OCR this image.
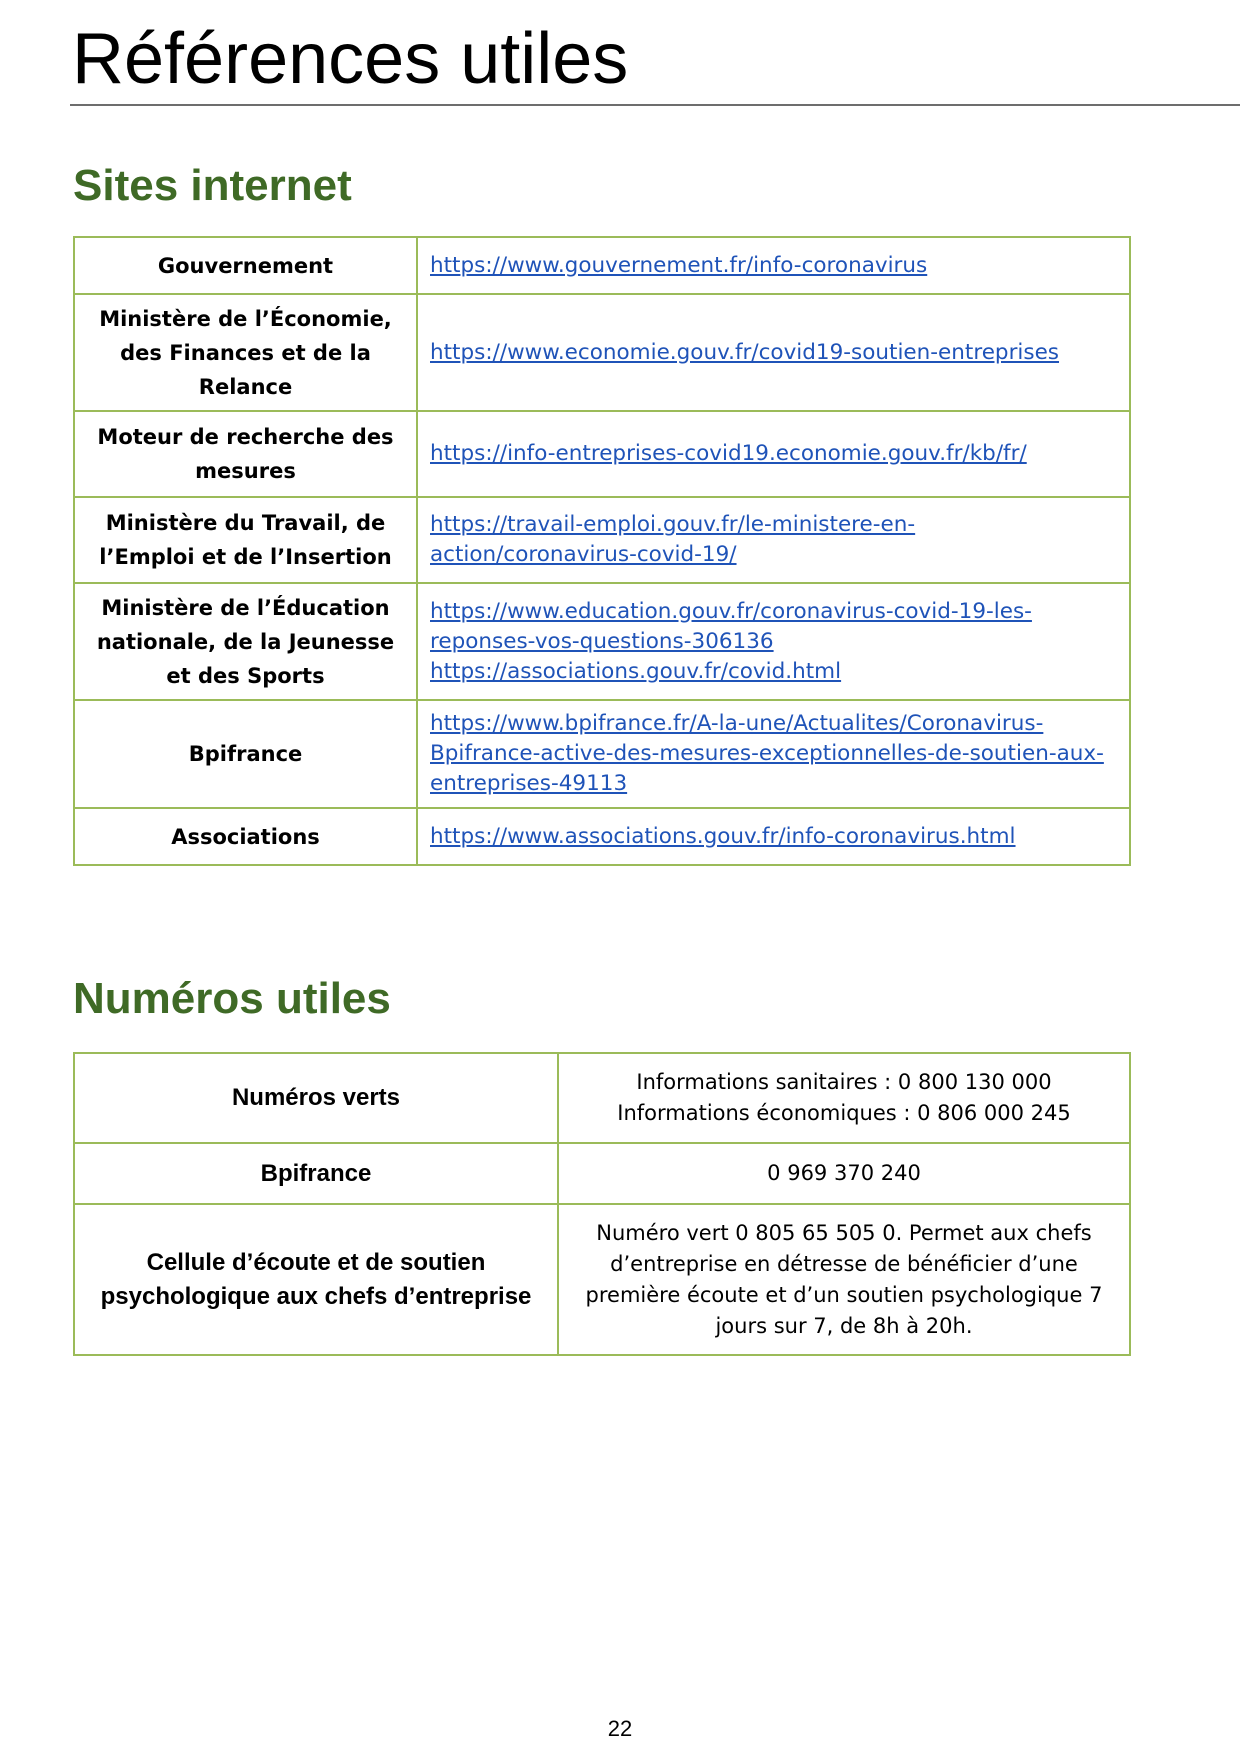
Références utiles
Sites internet
Gouvernement	https://www.gouvernement.fr/info-coronavirus

Ministère de l’Économie, des Finances et de la Relance	https://www.economie.gouv.fr/covid19-soutien-entreprises

Moteur de recherche des mesures	https://info-entreprises-covid19.economie.gouv.fr/kb/fr/

Ministère du Travail, de l’Emploi et de l’Insertion	https://travail-emploi.gouv.fr/le-ministere-en-action/coronavirus-covid-19/

Ministère de l’Éducation nationale, de la Jeunesse et des Sports	https://www.education.gouv.fr/coronavirus-covid-19-les-reponses-vos-questions-306136
https://associations.gouv.fr/covid.html

Bpifrance	https://www.bpifrance.fr/A-la-une/Actualites/Coronavirus-Bpifrance-active-des-mesures-exceptionnelles-de-soutien-aux-entreprises-49113

Associations	https://www.associations.gouv.fr/info-coronavirus.html
Numéros utiles
Numéros verts	Informations sanitaires : 0 800 130 000
Informations économiques : 0 806 000 245

Bpifrance	0 969 370 240

Cellule d’écoute et de soutien psychologique aux chefs d’entreprise	Numéro vert 0 805 65 505 0. Permet aux chefs d’entreprise en détresse de bénéficier d’une première écoute et d’un soutien psychologique 7 jours sur 7, de 8h à 20h.
22
